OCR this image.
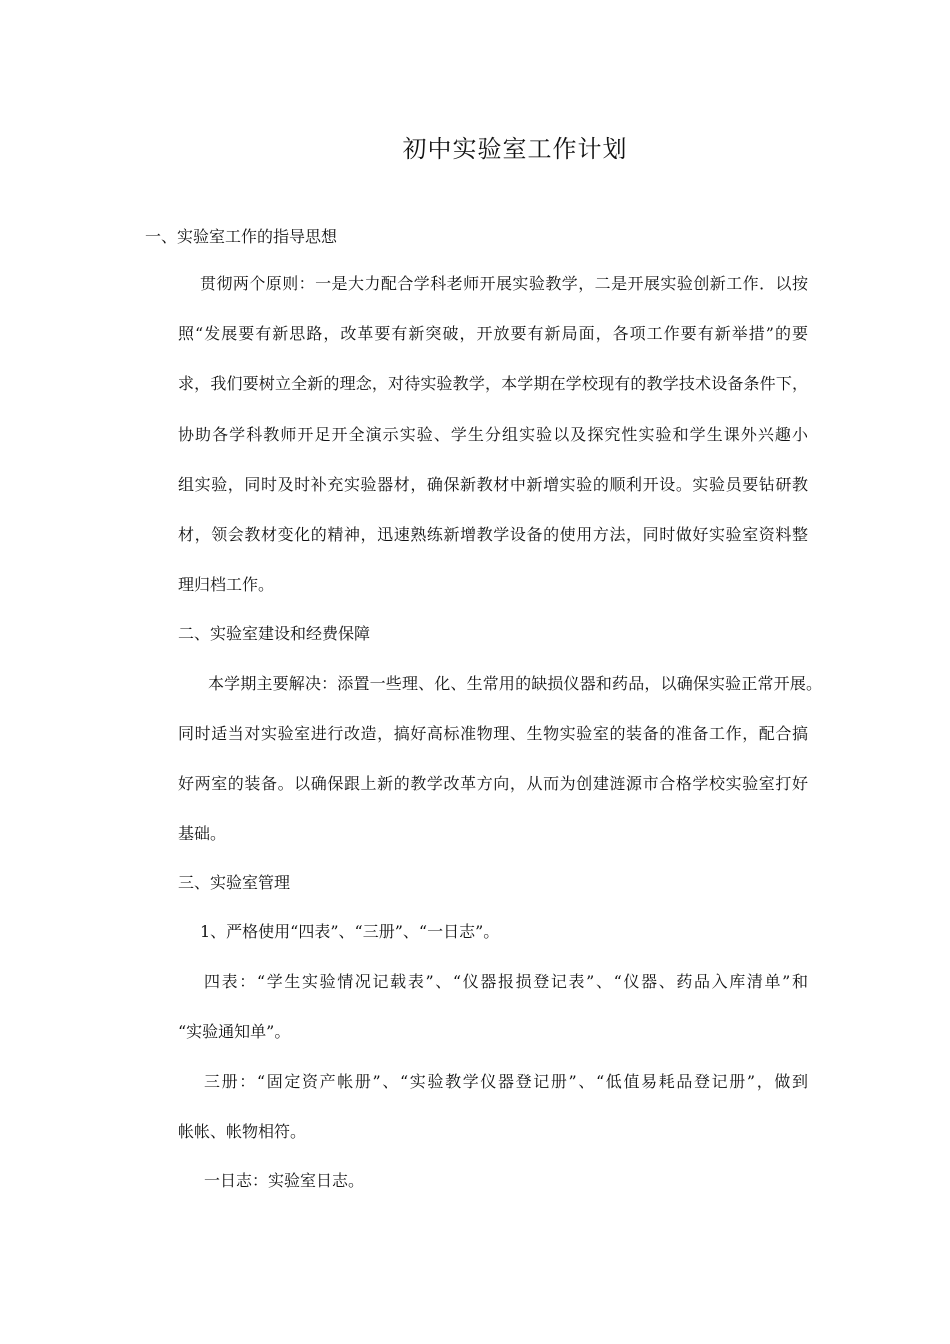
初中实验室工作计划
一、实验室工作的指导思想
贯彻两个原则：一是大力配合学科老师开展实验教学，二是开展实验创新工作．以按
照“发展要有新思路，改革要有新突破，开放要有新局面，各项工作要有新举措”的要
求，我们要树立全新的理念，对待实验教学，本学期在学校现有的教学技术设备条件下，
协助各学科教师开足开全演示实验、学生分组实验以及探究性实验和学生课外兴趣小
组实验，同时及时补充实验器材，确保新教材中新增实验的顺利开设。实验员要钻研教
材，领会教材变化的精神，迅速熟练新增教学设备的使用方法，同时做好实验室资料整
理归档工作。
二、实验室建设和经费保障
本学期主要解决：添置一些理、化、生常用的缺损仪器和药品，以确保实验正常开展。
同时适当对实验室进行改造，搞好高标准物理、生物实验室的装备的准备工作，配合搞
好两室的装备。以确保跟上新的教学改革方向，从而为创建涟源市合格学校实验室打好
基础。
三、实验室管理
1、严格使用“四表”、“三册”、“一日志”。
四表：“学生实验情况记载表”、“仪器报损登记表”、“仪器、药品入库清单”和
“实验通知单”。
三册：“固定资产帐册”、“实验教学仪器登记册”、“低值易耗品登记册”，做到
帐帐、帐物相符。
一日志：实验室日志。
